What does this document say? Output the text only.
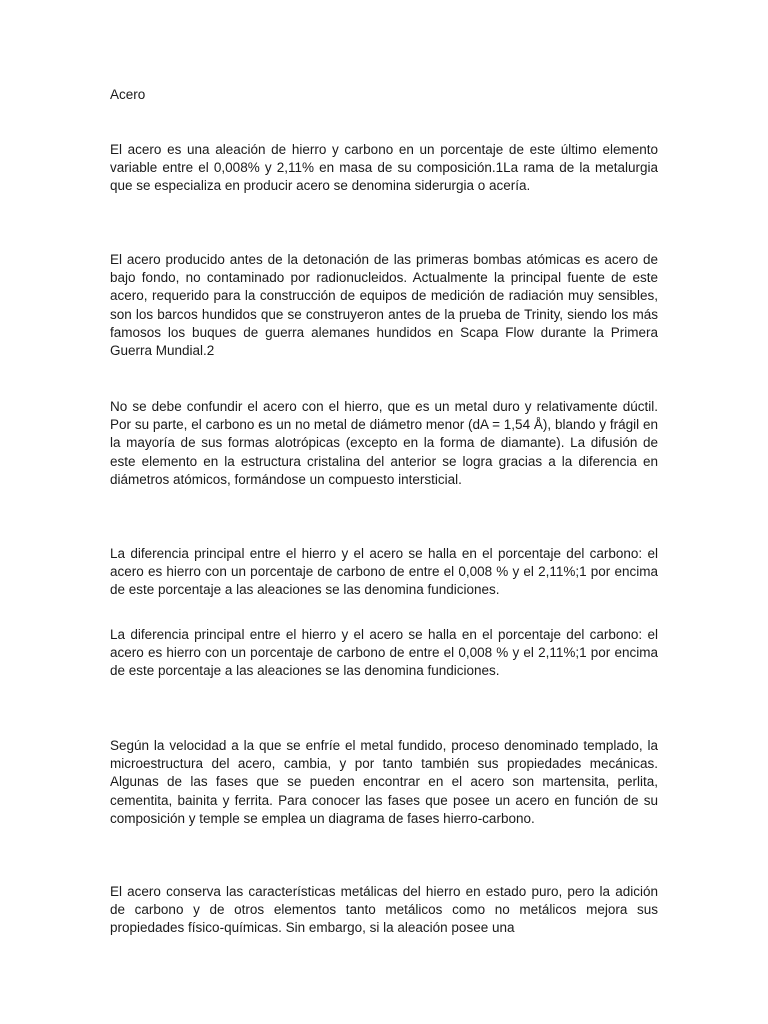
Acero

El acero es una aleación de hierro y carbono en un porcentaje de este último elemento variable entre el 0,008% y 2,11% en masa de su composición.1La rama de la metalurgia que se especializa en producir acero se denomina siderurgia o acería.

El acero producido antes de la detonación de las primeras bombas atómicas es acero de bajo fondo, no contaminado por radionucleidos. Actualmente la principal fuente de este acero, requerido para la construcción de equipos de medición de radiación muy sensibles, son los barcos hundidos que se construyeron antes de la prueba de Trinity, siendo los más famosos los buques de guerra alemanes hundidos en Scapa Flow durante la Primera Guerra Mundial.2

No se debe confundir el acero con el hierro, que es un metal duro y relativamente dúctil. Por su parte, el carbono es un no metal de diámetro menor (dA = 1,54 Å), blando y frágil en la mayoría de sus formas alotrópicas (excepto en la forma de diamante). La difusión de este elemento en la estructura cristalina del anterior se logra gracias a la diferencia en diámetros atómicos, formándose un compuesto intersticial.

La diferencia principal entre el hierro y el acero se halla en el porcentaje del carbono: el acero es hierro con un porcentaje de carbono de entre el 0,008 % y el 2,11%;1 por encima de este porcentaje a las aleaciones se las denomina fundiciones.

La diferencia principal entre el hierro y el acero se halla en el porcentaje del carbono: el acero es hierro con un porcentaje de carbono de entre el 0,008 % y el 2,11%;1 por encima de este porcentaje a las aleaciones se las denomina fundiciones.

Según la velocidad a la que se enfríe el metal fundido, proceso denominado templado, la microestructura del acero, cambia, y por tanto también sus propiedades mecánicas. Algunas de las fases que se pueden encontrar en el acero son martensita, perlita, cementita, bainita y ferrita. Para conocer las fases que posee un acero en función de su composición y temple se emplea un diagrama de fases hierro-carbono.

El acero conserva las características metálicas del hierro en estado puro, pero la adición de carbono y de otros elementos tanto metálicos como no metálicos mejora sus propiedades físico-químicas. Sin embargo, si la aleación posee una
